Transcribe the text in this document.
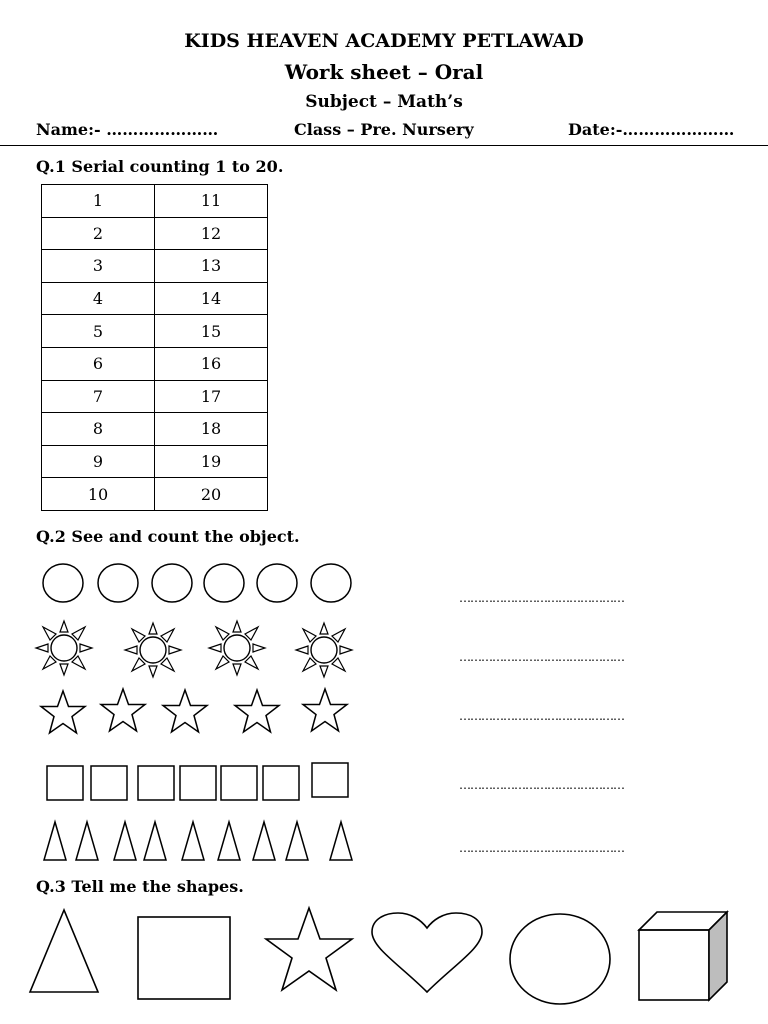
KIDS HEAVEN ACADEMY PETLAWAD
Work sheet – Oral
Subject – Math’s
Name:- …………………	Class – Pre. Nursery	Date:-…………………
Q.1 Serial counting 1 to 20.
1	11
2	12
3	13
4	14
5	15
6	16
7	17
8	18
9	19
10	20
Q.2 See and count the object.
………………………………………
………………………………………
………………………………………
………………………………………
………………………………………
Q.3 Tell me the shapes.
